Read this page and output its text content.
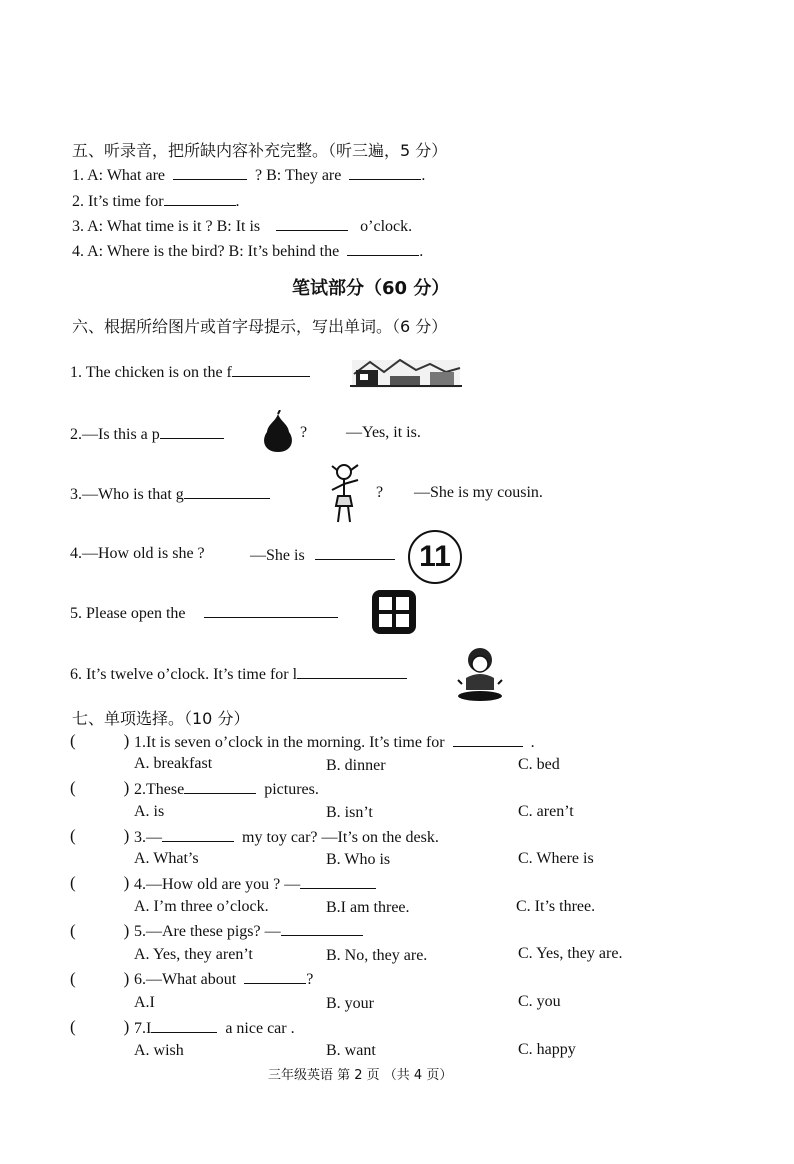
五、听录音，把所缺内容补充完整。（听三遍，5 分）
1. A: What are	? B: They are	.
2. It’s time for	.
3. A: What time is it ? B: It is	o’clock.
4. A: Where is the bird? B: It’s behind the	.
笔试部分（60 分）
六、根据所给图片或首字母提示，写出单词。（6 分）
1. The chicken is on the f
2.—Is this a p	? —Yes, it is.
3.—Who is that g	? —She is my cousin.
4.—How old is she ?	—She is	11
5. Please open the
6. It’s twelve o’clock. It’s time for l
七、单项选择。（10 分）
(	) 1.It is seven o’clock in the morning. It’s time for	.
A. breakfast	B. dinner	C. bed
(	) 2.These	pictures.
A. is	B. isn’t	C. aren’t
(	) 3.—	my toy car? —It’s on the desk.
A. What’s	B. Who is	C. Where is
(	) 4.—How old are you ? —
A. I’m three o’clock.	B.I am three.	C. It’s three.
(	) 5.—Are these pigs? —
A. Yes, they aren’t	B. No, they are.	C. Yes, they are.
(	) 6.—What about	?
A.I	B. your	C. you
(	) 7.I	a nice car .
A. wish	B. want	C. happy
三年级英语 第 2 页 （共 4 页）
